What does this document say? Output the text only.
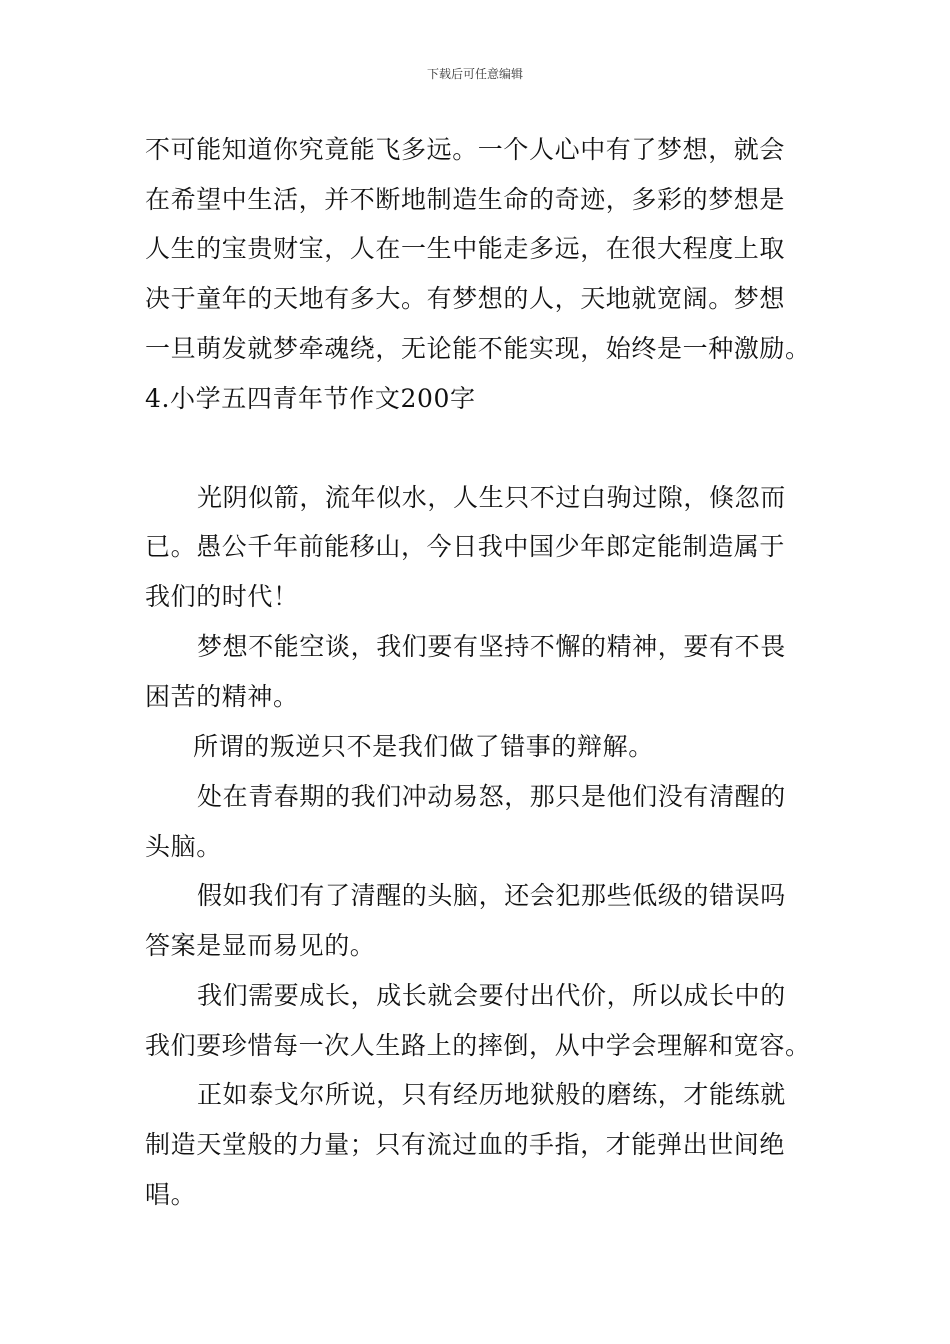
下载后可任意编辑
不可能知道你究竟能飞多远。一个人心中有了梦想，就会
在希望中生活，并不断地制造生命的奇迹，多彩的梦想是
人生的宝贵财宝，人在一生中能走多远，在很大程度上取
决于童年的天地有多大。有梦想的人，天地就宽阔。梦想
一旦萌发就梦牵魂绕，无论能不能实现，始终是一种激励。
4.小学五四青年节作文200字
光阴似箭，流年似水，人生只不过白驹过隙，倏忽而
已。愚公千年前能移山，今日我中国少年郎定能制造属于
我们的时代！
梦想不能空谈，我们要有坚持不懈的精神，要有不畏
困苦的精神。
所谓的叛逆只不是我们做了错事的辩解。
处在青春期的我们冲动易怒，那只是他们没有清醒的
头脑。
假如我们有了清醒的头脑，还会犯那些低级的错误吗
答案是显而易见的。
我们需要成长，成长就会要付出代价，所以成长中的
我们要珍惜每一次人生路上的摔倒，从中学会理解和宽容。
正如泰戈尔所说，只有经历地狱般的磨练，才能练就
制造天堂般的力量；只有流过血的手指，才能弹出世间绝
唱。
